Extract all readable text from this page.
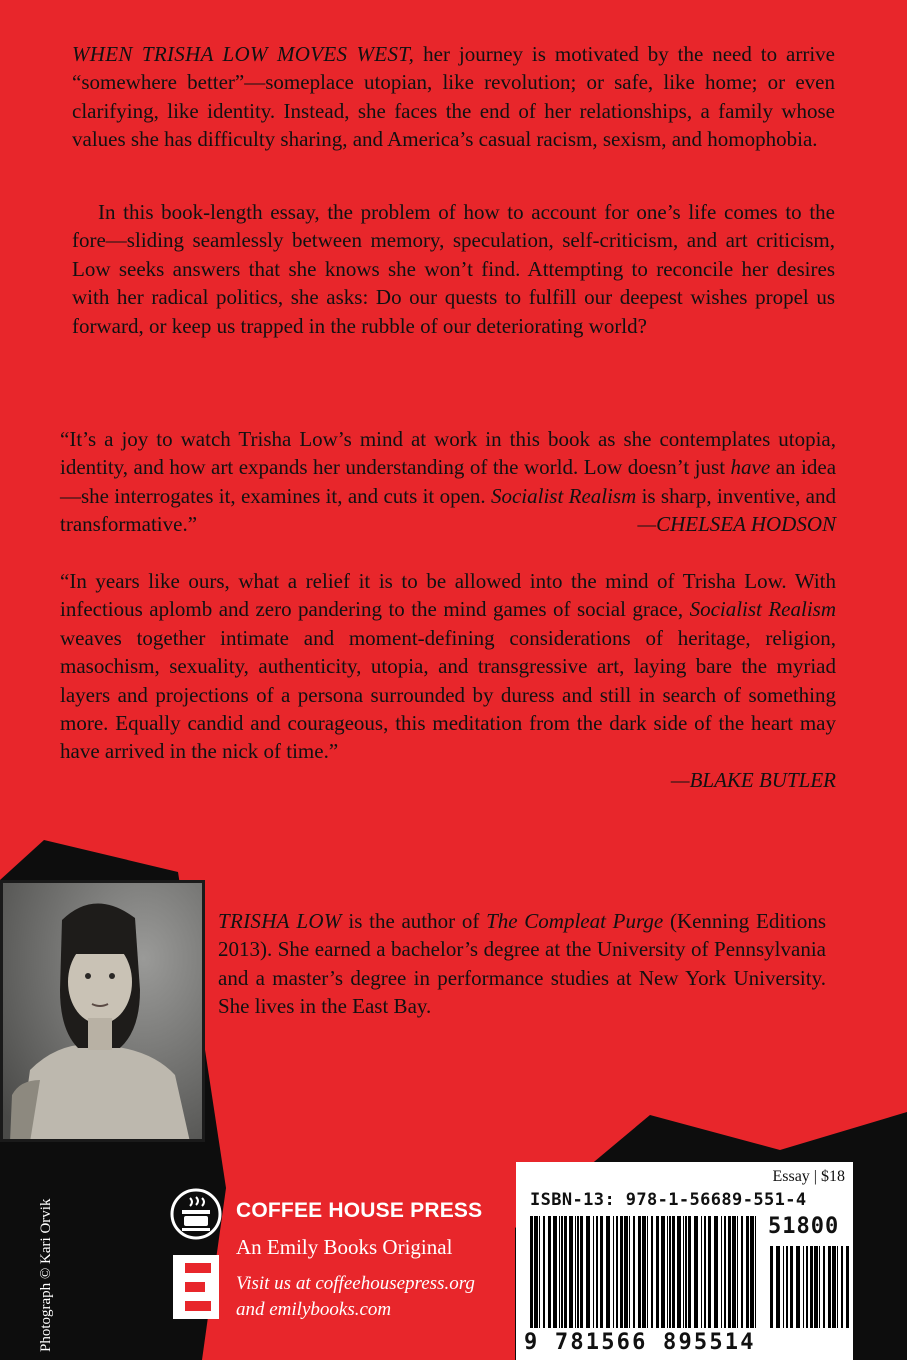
WHEN TRISHA LOW MOVES WEST, her journey is motivated by the need to arrive “somewhere better”—someplace utopian, like revolution; or safe, like home; or even clarifying, like identity. Instead, she faces the end of her relationships, a family whose values she has difficulty sharing, and America’s casual racism, sexism, and homophobia.

In this book-length essay, the problem of how to account for one’s life comes to the fore—sliding seamlessly between memory, speculation, self-criticism, and art criticism, Low seeks answers that she knows she won’t find. Attempting to reconcile her desires with her radical politics, she asks: Do our quests to fulfill our deepest wishes propel us forward, or keep us trapped in the rubble of our deteriorating world?

“It’s a joy to watch Trisha Low’s mind at work in this book as she contemplates utopia, identity, and how art expands her understanding of the world. Low doesn’t just have an idea—she interrogates it, examines it, and cuts it open. Socialist Realism is sharp, inventive, and transformative.”	—CHELSEA HODSON

“In years like ours, what a relief it is to be allowed into the mind of Trisha Low. With infectious aplomb and zero pandering to the mind games of social grace, Socialist Realism weaves together intimate and moment-defining considerations of heritage, religion, masochism, sexuality, authenticity, utopia, and transgressive art, laying bare the myriad layers and projections of a persona surrounded by duress and still in search of something more. Equally candid and courageous, this meditation from the dark side of the heart may have arrived in the nick of time.”
—BLAKE BUTLER

TRISHA LOW is the author of The Compleat Purge (Kenning Editions 2013). She earned a bachelor’s degree at the University of Pennsylvania and a master’s degree in performance studies at New York University. She lives in the East Bay.

Photograph © Kari Orvik	COFFEE HOUSE PRESS
An Emily Books Original
Visit us at coffeehousepress.org
and emilybooks.com
Essay | $18
ISBN-13: 978-1-56689-551-4
51800
9 781566 895514
